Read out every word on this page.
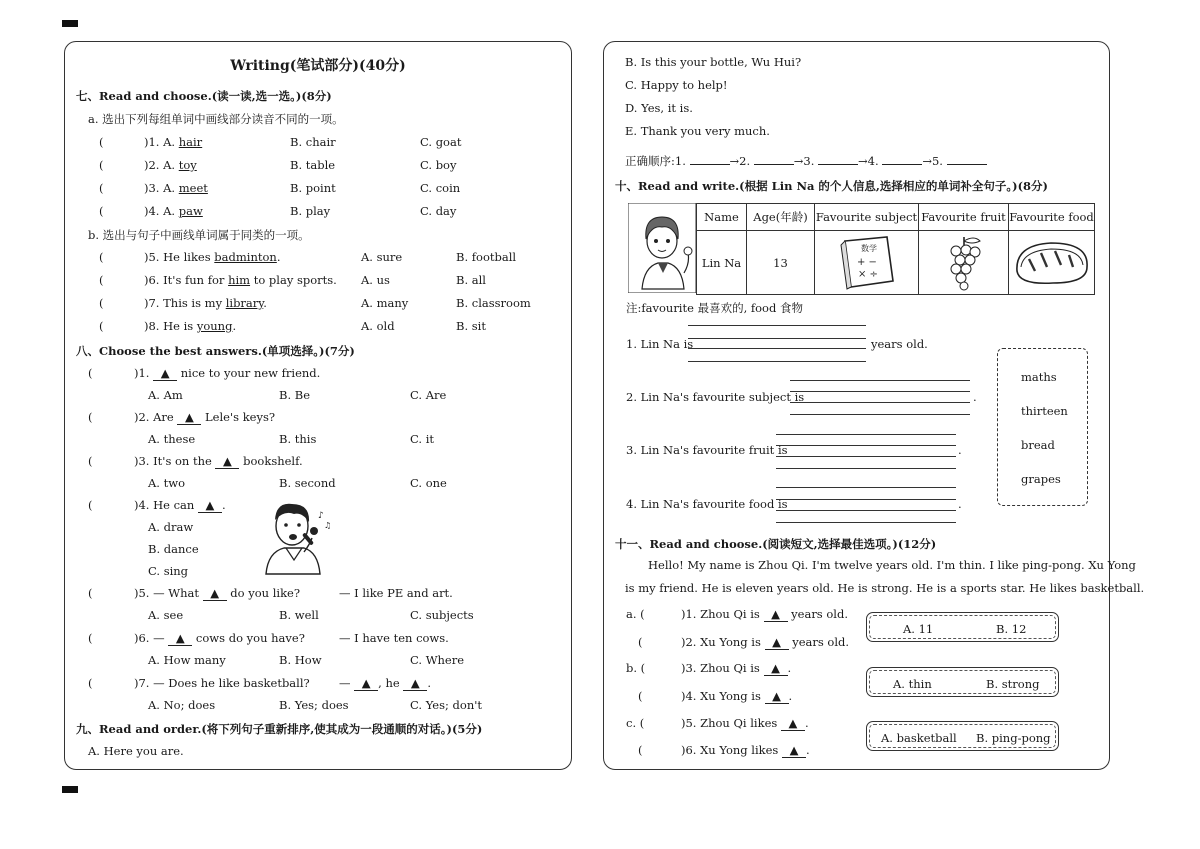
Writing(笔试部分)(40分)
七、Read and choose.(读一读,选一选。)(8分)
a. 选出下列每组单词中画线部分读音不同的一项。
(	)1. A. hair	B. chair	C. goat
(	)2. A. toy	B. table	C. boy
(	)3. A. meet	B. point	C. coin
(	)4. A. paw	B. play	C. day
b. 选出与句子中画线单词属于同类的一项。
(	)5. He likes badminton.	A. sure	B. football
(	)6. It's fun for him to play sports. A. us	B. all
(	)7. This is my library.	A. many	B. classroom
(	)8. He is young.	A. old	B. sit
八、Choose the best answers.(单项选择。)(7分)
(	)1. ▲ nice to your new friend.
A. Am	B. Be	C. Are
(	)2. Are ▲ Lele's keys?
A. these	B. this	C. it
(	)3. It's on the ▲ bookshelf.
A. two	B. second	C. one
(	)4. He can ▲ .
A. draw
B. dance
C. sing
♪
♫
(	)5. — What ▲ do you like?	— I like PE and art.
A. see	B. well	C. subjects
(	)6. — ▲ cows do you have?	— I have ten cows.
A. How many	B. How	C. Where
(	)7. — Does he like basketball?	— ▲ , he ▲ .
A. No; does	B. Yes; does	C. Yes; don't
九、Read and order.(将下列句子重新排序,使其成为一段通顺的对话。)(5分)
A. Here you are.
B. Is this your bottle, Wu Hui?
C. Happy to help!
D. Yes, it is.
E. Thank you very much.
正确顺序:1.	→2.	→3.	→4.	→5.
十、Read and write.(根据 Lin Na 的个人信息,选择相应的单词补全句子。)(8分)
Name	Age(年龄)	Favourite subject	Favourite fruit	Favourite food
Lin Na	13	数学
+ −
× ÷

注:favourite 最喜欢的, food 食物
1. Lin Na is	years old.
2. Lin Na's favourite subject is	.
3. Lin Na's favourite fruit is	.
4. Lin Na's favourite food is	.
maths
thirteen
bread
grapes
十一、Read and choose.(阅读短文,选择最佳选项。)(12分)
Hello! My name is Zhou Qi. I'm twelve years old. I'm thin. I like ping-pong. Xu Yong
is my friend. He is eleven years old. He is strong. He is a sports star. He likes basketball.
a. (	)1. Zhou Qi is ▲ years old.
(	)2. Xu Yong is ▲ years old.
A. 11	B. 12
b. (	)3. Zhou Qi is ▲ .
(	)4. Xu Yong is ▲ .
A. thin	B. strong
c. (	)5. Zhou Qi likes ▲ .
(	)6. Xu Yong likes ▲ .
A. basketball B. ping-pong
